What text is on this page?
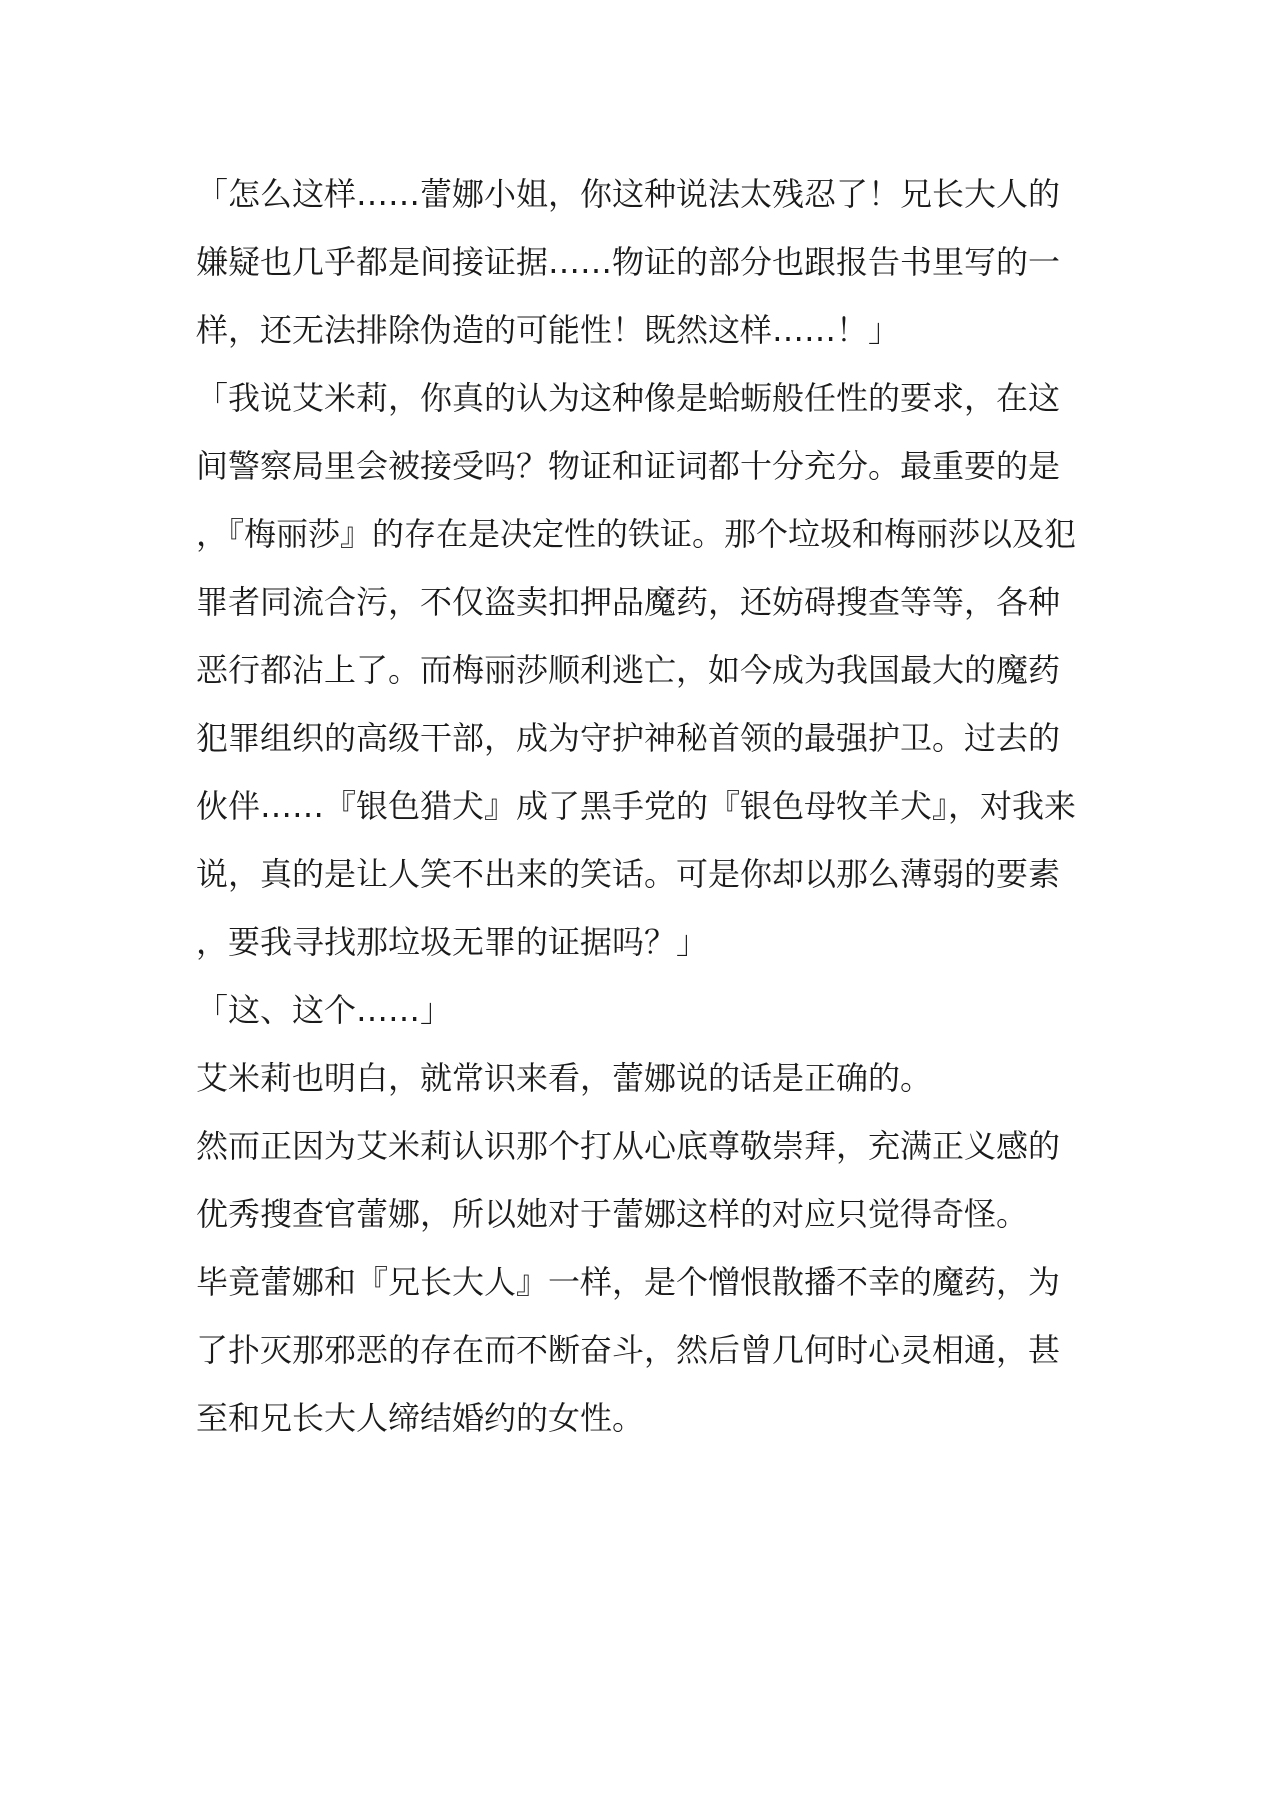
「怎么这样……蕾娜小姐，你这种说法太残忍了！兄长大人的嫌疑也几乎都是间接证据……物证的部分也跟报告书里写的一样，还无法排除伪造的可能性！既然这样……！」

「我说艾米莉，你真的认为这种像是蛤蛎般任性的要求，在这间警察局里会被接受吗？物证和证词都十分充分。最重要的是，『梅丽莎』的存在是决定性的铁证。那个垃圾和梅丽莎以及犯罪者同流合污，不仅盗卖扣押品魔药，还妨碍搜查等等，各种恶行都沾上了。而梅丽莎顺利逃亡，如今成为我国最大的魔药犯罪组织的高级干部，成为守护神秘首领的最强护卫。过去的伙伴……『银色猎犬』成了黑手党的『银色母牧羊犬』，对我来说，真的是让人笑不出来的笑话。可是你却以那么薄弱的要素，要我寻找那垃圾无罪的证据吗？」

「这、这个……」

艾米莉也明白，就常识来看，蕾娜说的话是正确的。

然而正因为艾米莉认识那个打从心底尊敬崇拜，充满正义感的优秀搜查官蕾娜，所以她对于蕾娜这样的对应只觉得奇怪。

毕竟蕾娜和『兄长大人』一样，是个憎恨散播不幸的魔药，为了扑灭那邪恶的存在而不断奋斗，然后曾几何时心灵相通，甚至和兄长大人缔结婚约的女性。
